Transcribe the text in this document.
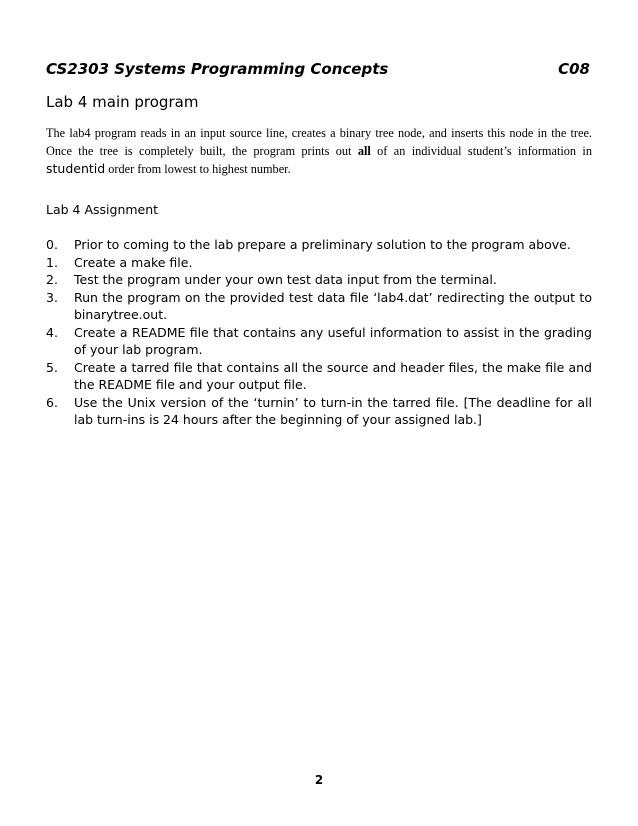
CS2303 Systems Programming Concepts	C08
Lab 4 main program

The lab4 program reads in an input source line, creates a binary tree node, and inserts this node in the tree. Once the tree is completely built, the program prints out all of an individual student’s information in studentid order from lowest to highest number.

Lab 4 Assignment
0.	Prior to coming to the lab prepare a preliminary solution to the program above.
1.	Create a make file.
2.	Test the program under your own test data input from the terminal.
3.	Run the program on the provided test data file ‘lab4.dat’ redirecting the output to binarytree.out.
4.	Create a README file that contains any useful information to assist in the grading of your lab program.
5.	Create a tarred file that contains all the source and header files, the make file and the README file and your output file.
6.	Use the Unix version of the ‘turnin’ to turn-in the tarred file. [The deadline for all lab turn-ins is 24 hours after the beginning of your assigned lab.]
2
